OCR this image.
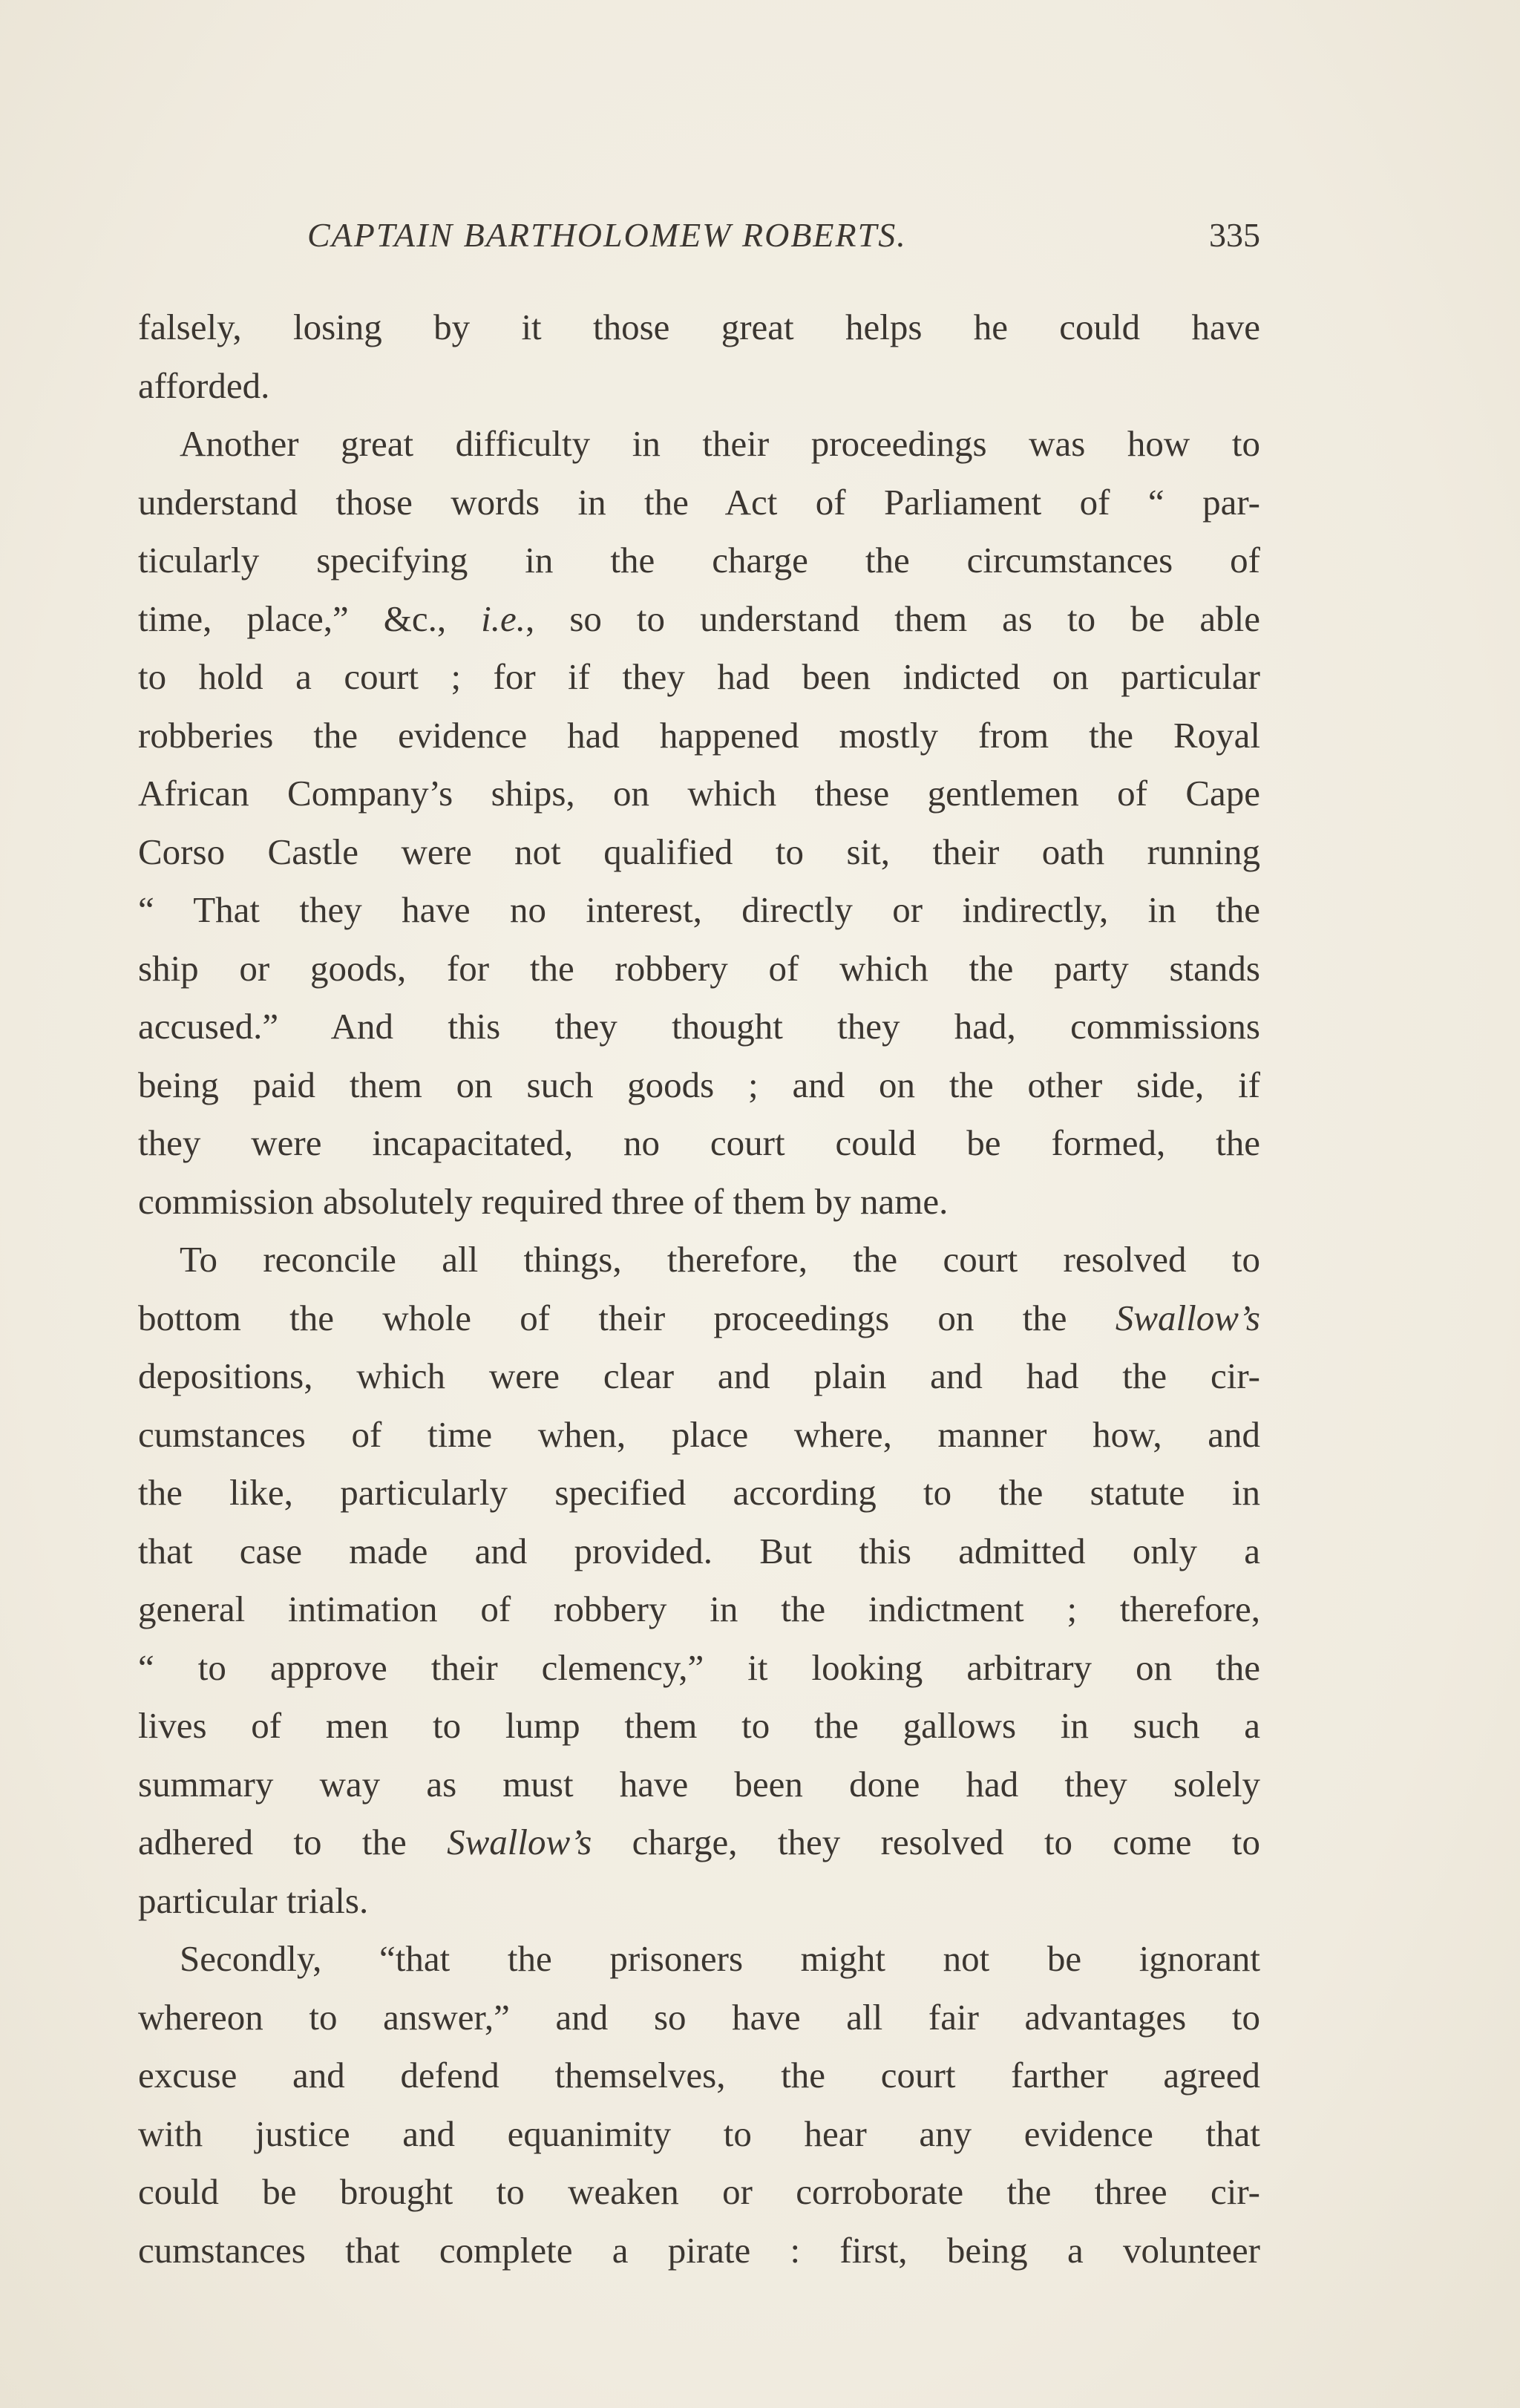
CAPTAIN BARTHOLOMEW ROBERTS.	335
falsely, losing by it those great helps he could have
afforded.
Another great difficulty in their proceedings was how to
understand those words in the Act of Parliament of “ par-
ticularly specifying in the charge the circumstances of
time, place,” &c., i.e., so to understand them as to be able
to hold a court ; for if they had been indicted on particular
robberies the evidence had happened mostly from the Royal
African Company’s ships, on which these gentlemen of Cape
Corso Castle were not qualified to sit, their oath running
“ That they have no interest, directly or indirectly, in the
ship or goods, for the robbery of which the party stands
accused.” And this they thought they had, commissions
being paid them on such goods ; and on the other side, if
they were incapacitated, no court could be formed, the
commission absolutely required three of them by name.
To reconcile all things, therefore, the court resolved to
bottom the whole of their proceedings on the Swallow’s
depositions, which were clear and plain and had the cir-
cumstances of time when, place where, manner how, and
the like, particularly specified according to the statute in
that case made and provided. But this admitted only a
general intimation of robbery in the indictment ; therefore,
“ to approve their clemency,” it looking arbitrary on the
lives of men to lump them to the gallows in such a
summary way as must have been done had they solely
adhered to the Swallow’s charge, they resolved to come to
particular trials.
Secondly, “that the prisoners might not be ignorant
whereon to answer,” and so have all fair advantages to
excuse and defend themselves, the court farther agreed
with justice and equanimity to hear any evidence that
could be brought to weaken or corroborate the three cir-
cumstances that complete a pirate : first, being a volunteer
